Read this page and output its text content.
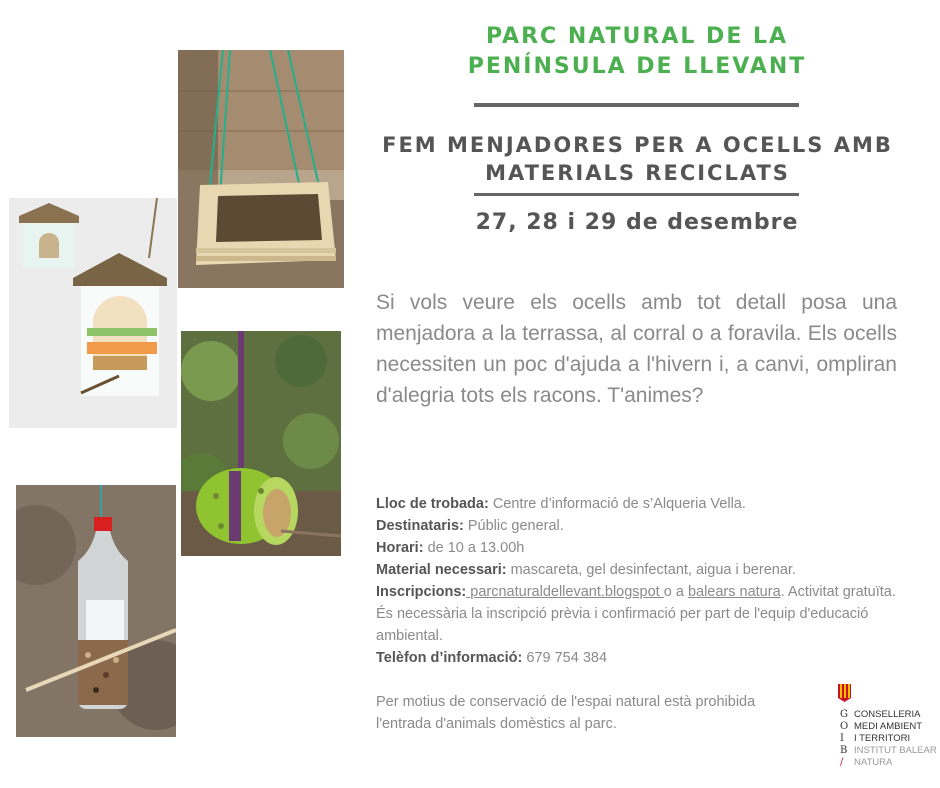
PARC NATURAL DE LA
PENÍNSULA DE LLEVANT
FEM MENJADORES PER A OCELLS AMB
MATERIALS RECICLATS
27, 28 i 29 de desembre
Si vols veure els ocells amb tot detall posa una menjadora a la terrassa, al corral o a foravila. Els ocells necessiten un poc d'ajuda a l'hivern i, a canvi, ompliran d'alegria tots els racons. T'animes?
Lloc de trobada: Centre d’informació de s’Alqueria Vella.
Destinataris: Públic general.
Horari: de 10 a 13.00h
Material necessari: mascareta, gel desinfectant, aigua i berenar.
Inscripcions: parcnaturaldellevant.blogspot o a balears natura. Activitat gratuïta. És necessària la inscripció prèvia i confirmació per part de l'equip d'educació ambiental.
Telèfon d’informació: 679 754 384
Per motius de conservació de l'espai natural està prohibida l'entrada d'animals domèstics al parc.
G
O
I
B
/
CONSELLERIA
MEDI AMBIENT
I TERRITORI
INSTITUT BALEAR
NATURA
